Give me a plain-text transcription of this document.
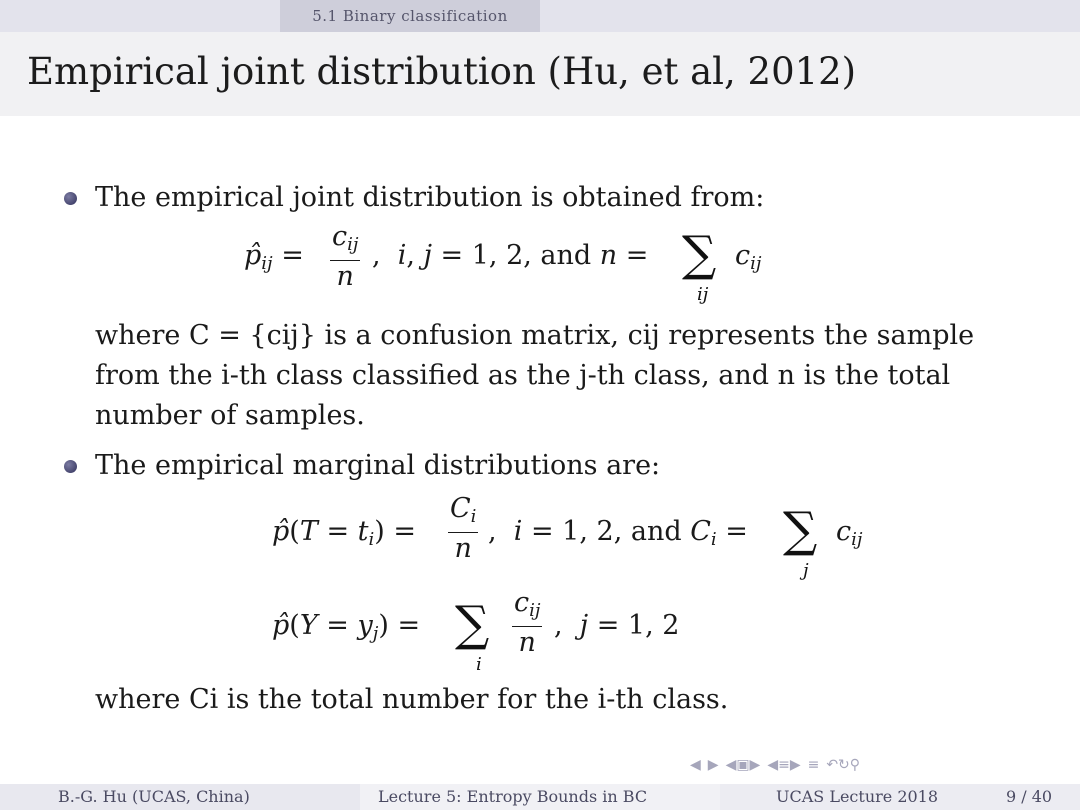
5.1 Binary classification
Empirical joint distribution (Hu, et al, 2012)
The empirical joint distribution is obtained from:
$p̂_{ij}$ =
$c_{ij}$
n
,  i, j = 1, 2, and n = ∑
ij
$c_{ij}$
where C = {cij} is a confusion matrix, cij represents the sample
from the i-th class classified as the j-th class, and n is the total
number of samples.
The empirical marginal distributions are:
p̂(T = $t_i$) =
$C_i$
n
,  i = 1, 2, and $C_i$ = ∑
j
$c_{ij}$
p̂(Y = $y_j$) = ∑
i
$c_{ij}$
n
,  j = 1, 2
where Ci is the total number for the i-th class.
◀ ▶ ◀▣▶ ◀≡▶ ≡ ↶↻⚲
B.-G. Hu (UCAS, China)	Lecture 5: Entropy Bounds in BC	UCAS Lecture 2018	9 / 40
